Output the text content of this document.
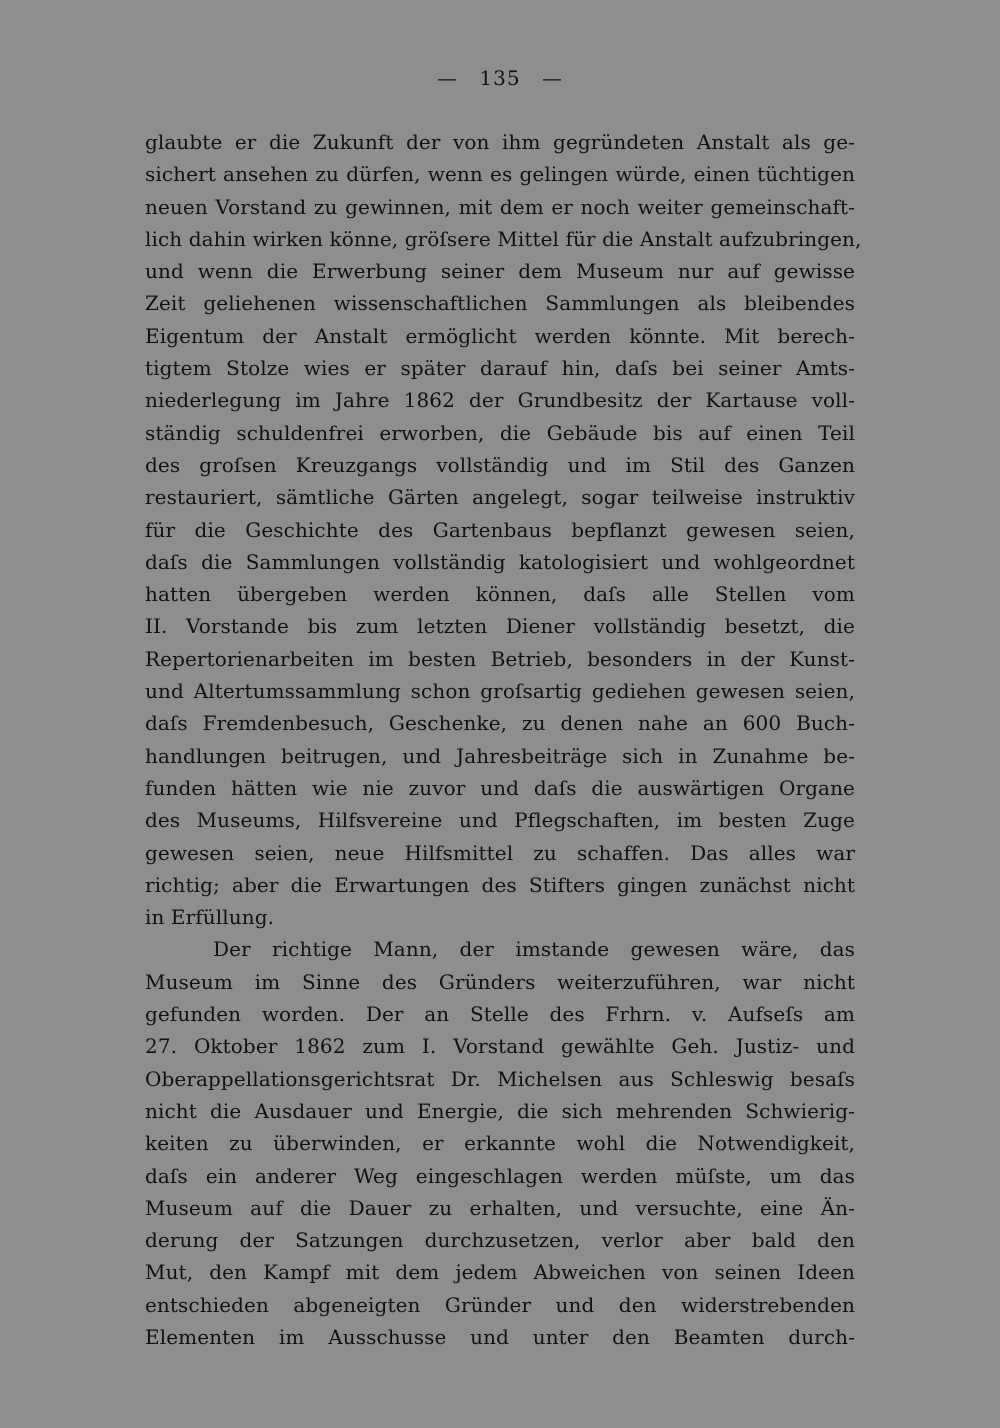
— 135 —
glaubte er die Zukunft der von ihm gegründeten Anstalt als ge-
sichert ansehen zu dürfen, wenn es gelingen würde, einen tüchtigen
neuen Vorstand zu gewinnen, mit dem er noch weiter gemeinschaft-
lich dahin wirken könne, gröſsere Mittel für die Anstalt aufzubringen,
und wenn die Erwerbung seiner dem Museum nur auf gewisse
Zeit geliehenen wissenschaftlichen Sammlungen als bleibendes
Eigentum der Anstalt ermöglicht werden könnte. Mit berech-
tigtem Stolze wies er später darauf hin, daſs bei seiner Amts-
niederlegung im Jahre 1862 der Grundbesitz der Kartause voll-
ständig schuldenfrei erworben, die Gebäude bis auf einen Teil
des groſsen Kreuzgangs vollständig und im Stil des Ganzen
restauriert, sämtliche Gärten angelegt, sogar teilweise instruktiv
für die Geschichte des Gartenbaus bepflanzt gewesen seien,
daſs die Sammlungen vollständig katologisiert und wohlgeordnet
hatten übergeben werden können, daſs alle Stellen vom
II. Vorstande bis zum letzten Diener vollständig besetzt, die
Repertorienarbeiten im besten Betrieb, besonders in der Kunst-
und Altertumssammlung schon groſsartig gediehen gewesen seien,
daſs Fremdenbesuch, Geschenke, zu denen nahe an 600 Buch-
handlungen beitrugen, und Jahresbeiträge sich in Zunahme be-
funden hätten wie nie zuvor und daſs die auswärtigen Organe
des Museums, Hilfsvereine und Pflegschaften, im besten Zuge
gewesen seien, neue Hilfsmittel zu schaffen. Das alles war
richtig; aber die Erwartungen des Stifters gingen zunächst nicht
in Erfüllung.
Der richtige Mann, der imstande gewesen wäre, das
Museum im Sinne des Gründers weiterzuführen, war nicht
gefunden worden. Der an Stelle des Frhrn. v. Aufseſs am
27. Oktober 1862 zum I. Vorstand gewählte Geh. Justiz- und
Oberappellationsgerichtsrat Dr. Michelsen aus Schleswig besaſs
nicht die Ausdauer und Energie, die sich mehrenden Schwierig-
keiten zu überwinden, er erkannte wohl die Notwendigkeit,
daſs ein anderer Weg eingeschlagen werden müſste, um das
Museum auf die Dauer zu erhalten, und versuchte, eine Än-
derung der Satzungen durchzusetzen, verlor aber bald den
Mut, den Kampf mit dem jedem Abweichen von seinen Ideen
entschieden abgeneigten Gründer und den widerstrebenden
Elementen im Ausschusse und unter den Beamten durch-
